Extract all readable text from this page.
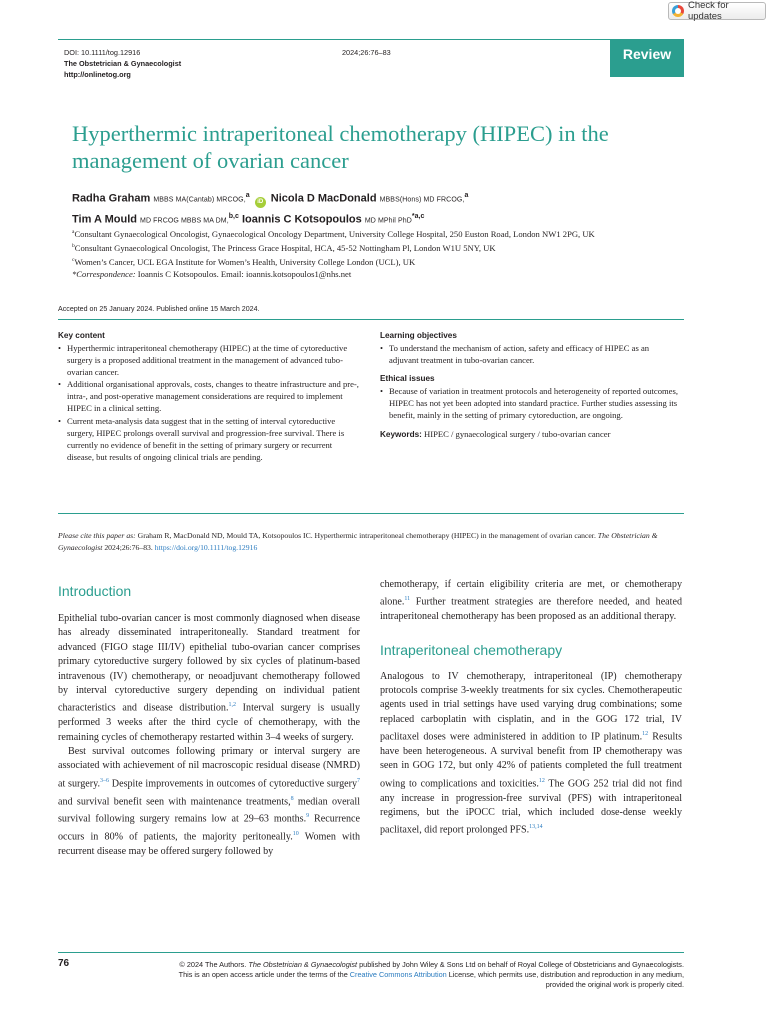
Check for updates
DOI: 10.1111/tog.12916	2024;26:76–83
The Obstetrician & Gynaecologist
http://onlinetog.org
Review
Hyperthermic intraperitoneal chemotherapy (HIPEC) in the management of ovarian cancer
Radha Graham MBBS MA(Cantab) MRCOG,$^a$ iD Nicola D MacDonald MBBS(Hons) MD FRCOG,$^a$
Tim A Mould MD FRCOG MBBS MA DM,$^{b,c}$ Ioannis C Kotsopoulos MD MPhil PhD$^{*a,c}$
$^a$Consultant Gynaecological Oncologist, Gynaecological Oncology Department, University College Hospital, 250 Euston Road, London NW1 2PG, UK
$^b$Consultant Gynaecological Oncologist, The Princess Grace Hospital, HCA, 45-52 Nottingham Pl, London W1U 5NY, UK
$^c$Women’s Cancer, UCL EGA Institute for Women’s Health, University College London (UCL), UK
*Correspondence: Ioannis C Kotsopoulos. Email: ioannis.kotsopoulos1@nhs.net
Accepted on 25 January 2024. Published online 15 March 2024.
Key content
• Hyperthermic intraperitoneal chemotherapy (HIPEC) at the time of cytoreductive surgery is a proposed additional treatment in the management of advanced tubo-ovarian cancer.
• Additional organisational approvals, costs, changes to theatre infrastructure and pre-, intra-, and post-operative management considerations are required to implement HIPEC in a clinical setting.
• Current meta-analysis data suggest that in the setting of interval cytoreductive surgery, HIPEC prolongs overall survival and progression-free survival. There is currently no evidence of benefit in the setting of primary surgery or recurrent disease, but results of ongoing clinical trials are pending.
Learning objectives
• To understand the mechanism of action, safety and efficacy of HIPEC as an adjuvant treatment in tubo-ovarian cancer.
Ethical issues
• Because of variation in treatment protocols and heterogeneity of reported outcomes, HIPEC has not yet been adopted into standard practice. Further studies assessing its benefit, mainly in the setting of primary cytoreduction, are ongoing.
Keywords: HIPEC / gynaecological surgery / tubo-ovarian cancer
Please cite this paper as: Graham R, MacDonald ND, Mould TA, Kotsopoulos IC. Hyperthermic intraperitoneal chemotherapy (HIPEC) in the management of ovarian cancer. The Obstetrician & Gynaecologist 2024;26:76–83. https://doi.org/10.1111/tog.12916
Introduction

Epithelial tubo-ovarian cancer is most commonly diagnosed when disease has already disseminated intraperitoneally. Standard treatment for advanced (FIGO stage III/IV) epithelial tubo-ovarian cancer comprises primary cytoreductive surgery followed by six cycles of platinum-based intravenous (IV) chemotherapy, or neoadjuvant chemotherapy followed by interval cytoreductive surgery depending on individual patient characteristics and disease distribution.$^{1,2}$ Interval surgery is usually performed 3 weeks after the third cycle of chemotherapy, with the remaining cycles of chemotherapy restarted within 3–4 weeks of surgery.

Best survival outcomes following primary or interval surgery are associated with achievement of nil macroscopic residual disease (NMRD) at surgery.$^{3-6}$ Despite improvements in outcomes of cytoreductive surgery$^7$ and survival benefit seen with maintenance treatments,$^8$ median overall survival following surgery remains low at 29–63 months.$^9$ Recurrence occurs in 80% of patients, the majority peritoneally.$^{10}$ Women with recurrent disease may be offered surgery followed by

chemotherapy, if certain eligibility criteria are met, or chemotherapy alone.$^{11}$ Further treatment strategies are therefore needed, and heated intraperitoneal chemotherapy has been proposed as an additional therapy.

Intraperitoneal chemotherapy

Analogous to IV chemotherapy, intraperitoneal (IP) chemotherapy protocols comprise 3-weekly treatments for six cycles. Chemotherapeutic agents used in trial settings have used varying drug combinations; some replaced carboplatin with cisplatin, and in the GOG 172 trial, IV paclitaxel doses were administered in addition to IP platinum.$^{12}$ Results have been heterogeneous. A survival benefit from IP chemotherapy was seen in GOG 172, but only 42% of patients completed the full treatment owing to complications and toxicities.$^{12}$ The GOG 252 trial did not find any increase in progression-free survival (PFS) with intraperitoneal regimens, but the iPOCC trial, which included dose-dense weekly paclitaxel, did report prolonged PFS.$^{13,14}$

76	© 2024 The Authors. The Obstetrician & Gynaecologist published by John Wiley & Sons Ltd on behalf of Royal College of Obstetricians and Gynaecologists.
This is an open access article under the terms of the Creative Commons Attribution License, which permits use, distribution and reproduction in any medium,
provided the original work is properly cited.
